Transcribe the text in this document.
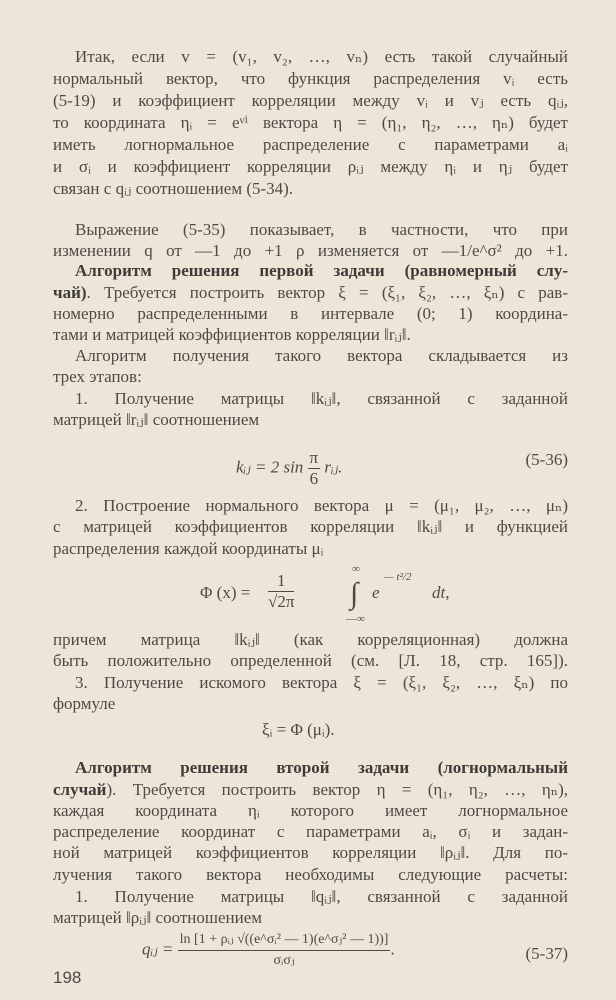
Итак, если v = (v₁, v₂, …, vₙ) есть такой случайный
нормальный вектор, что функция распределения vᵢ есть
(5-19) и коэффициент корреляции между vᵢ и vⱼ есть qᵢⱼ,
то координата ηᵢ = eᵛⁱ вектора η = (η₁, η₂, …, ηₙ) будет
иметь логнормальное распределение с параметрами aᵢ
и σᵢ и коэффициент корреляции ρᵢⱼ между ηᵢ и ηⱼ будет
связан с qᵢⱼ соотношением (5-34).
Выражение (5-35) показывает, в частности, что при
изменении q от —1 до +1 ρ изменяется от —1/e^σ² до +1.
Алгоритм решения первой задачи (равномерный слу-
чай). Требуется построить вектор ξ = (ξ₁, ξ₂, …, ξₙ) с рав-
номерно распределенными в интервале (0; 1) координа-
тами и матрицей коэффициентов корреляции ‖rᵢⱼ‖.
Алгоритм получения такого вектора складывается из
трех этапов:
1. Получение матрицы ‖kᵢⱼ‖, связанной с заданной
матрицей ‖rᵢⱼ‖ соотношением
2. Построение нормального вектора μ = (μ₁, μ₂, …, μₙ)
с матрицей коэффициентов корреляции ‖kᵢⱼ‖ и функцией
распределения каждой координаты μᵢ
причем матрица ‖kᵢⱼ‖ (как корреляционная) должна
быть положительно определенной (см. [Л. 18, стр. 165]).
3. Получение искомого вектора ξ = (ξ₁, ξ₂, …, ξₙ) по
формуле
Алгоритм решения второй задачи (логнормальный
случай). Требуется построить вектор η = (η₁, η₂, …, ηₙ),
каждая координата ηᵢ которого имеет логнормальное
распределение координат с параметрами aᵢ, σᵢ и задан-
ной матрицей коэффициентов корреляции ‖ρᵢⱼ‖. Для по-
лучения такого вектора необходимы следующие расчеты:
1. Получение матрицы ‖qᵢⱼ‖, связанной с заданной
матрицей ‖ρᵢⱼ‖ соотношением
kᵢⱼ = 2 $\sin \frac{\pi}{6}$ rᵢⱼ.	(5-36)
Φ $(x) = \frac{1}{√2\pi}$
∞
∫
—∞
e
— t²/2
dt,
ξᵢ = Φ (μᵢ).
qᵢⱼ = $\frac{\text{ln [1 + ρᵢⱼ √((e\textasciicircum{}σᵢ² — 1)(e\textasciicircum{}σⱼ² — 1))]}}{\text{σᵢσⱼ}}$ .	(5-37)
198
